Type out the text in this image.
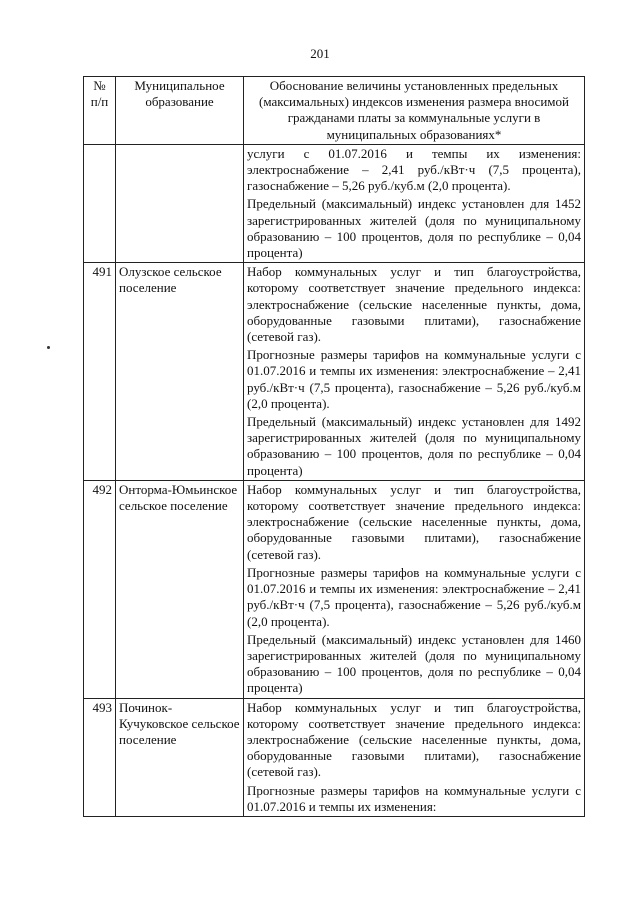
201
№ п/п	Муниципальное образование	Обоснование величины установленных предельных (максимальных) индексов изменения размера вносимой гражданами платы за коммунальные услуги в муниципальных образованиях*

		услуги с 01.07.2016 и темпы их изменения: электроснабжение – 2,41 руб./кВт·ч (7,5 процента), газоснабжение – 5,26 руб./куб.м (2,0 процента).
Предельный (максимальный) индекс установлен для 1452 зарегистрированных жителей (доля по муниципальному образованию – 100 процентов, доля по республике – 0,04 процента)

491	Олузское сельское поселение	Набор коммунальных услуг и тип благоустройства, которому соответствует значение предельного индекса: электроснабжение (сельские населенные пункты, дома, оборудованные газовыми плитами), газоснабжение (сетевой газ).
Прогнозные размеры тарифов на коммунальные услуги с 01.07.2016 и темпы их изменения: электроснабжение – 2,41 руб./кВт·ч (7,5 процента), газоснабжение – 5,26 руб./куб.м (2,0 процента).
Предельный (максимальный) индекс установлен для 1492 зарегистрированных жителей (доля по муниципальному образованию – 100 процентов, доля по республике – 0,04 процента)

492	Онторма-Юмьинское сельское поселение	Набор коммунальных услуг и тип благоустройства, которому соответствует значение предельного индекса: электроснабжение (сельские населенные пункты, дома, оборудованные газовыми плитами), газоснабжение (сетевой газ).
Прогнозные размеры тарифов на коммунальные услуги с 01.07.2016 и темпы их изменения: электроснабжение – 2,41 руб./кВт·ч (7,5 процента), газоснабжение – 5,26 руб./куб.м (2,0 процента).
Предельный (максимальный) индекс установлен для 1460 зарегистрированных жителей (доля по муниципальному образованию – 100 процентов, доля по республике – 0,04 процента)

493	Починок-Кучуковское сельское поселение	Набор коммунальных услуг и тип благоустройства, которому соответствует значение предельного индекса: электроснабжение (сельские населенные пункты, дома, оборудованные газовыми плитами), газоснабжение (сетевой газ).
Прогнозные размеры тарифов на коммунальные услуги с 01.07.2016 и темпы их изменения:
